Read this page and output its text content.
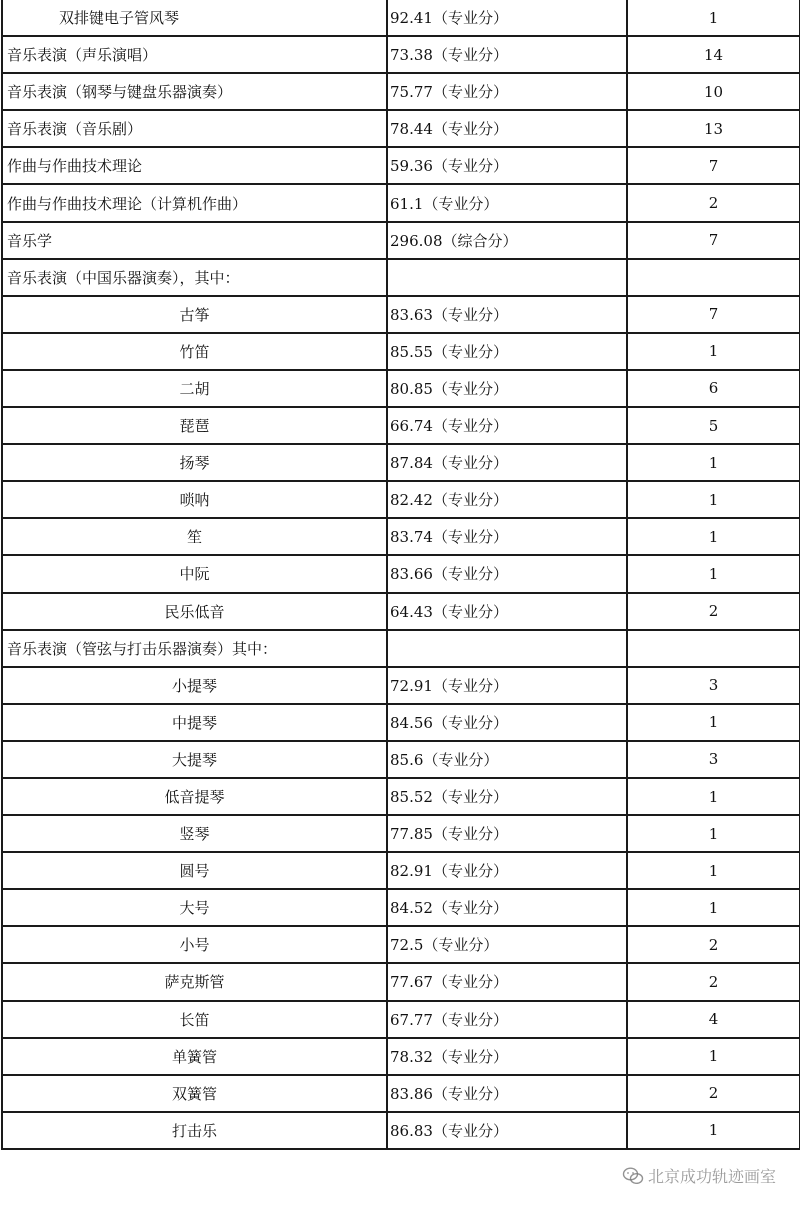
双排键电子管风琴	92.41（专业分）	1
音乐表演（声乐演唱）	73.38（专业分）	14
音乐表演（钢琴与键盘乐器演奏）	75.77（专业分）	10
音乐表演（音乐剧）	78.44（专业分）	13
作曲与作曲技术理论	59.36（专业分）	7
作曲与作曲技术理论（计算机作曲）	61.1（专业分）	2
音乐学	296.08（综合分）	7
音乐表演（中国乐器演奏），其中：		
古筝	83.63（专业分）	7
竹笛	85.55（专业分）	1
二胡	80.85（专业分）	6
琵琶	66.74（专业分）	5
扬琴	87.84（专业分）	1
唢呐	82.42（专业分）	1
笙	83.74（专业分）	1
中阮	83.66（专业分）	1
民乐低音	64.43（专业分）	2
音乐表演（管弦与打击乐器演奏）其中：		
小提琴	72.91（专业分）	3
中提琴	84.56（专业分）	1
大提琴	85.6（专业分）	3
低音提琴	85.52（专业分）	1
竖琴	77.85（专业分）	1
圆号	82.91（专业分）	1
大号	84.52（专业分）	1
小号	72.5（专业分）	2
萨克斯管	77.67（专业分）	2
长笛	67.77（专业分）	4
单簧管	78.32（专业分）	1
双簧管	83.86（专业分）	2
打击乐	86.83（专业分）	1
北京成功轨迹画室
